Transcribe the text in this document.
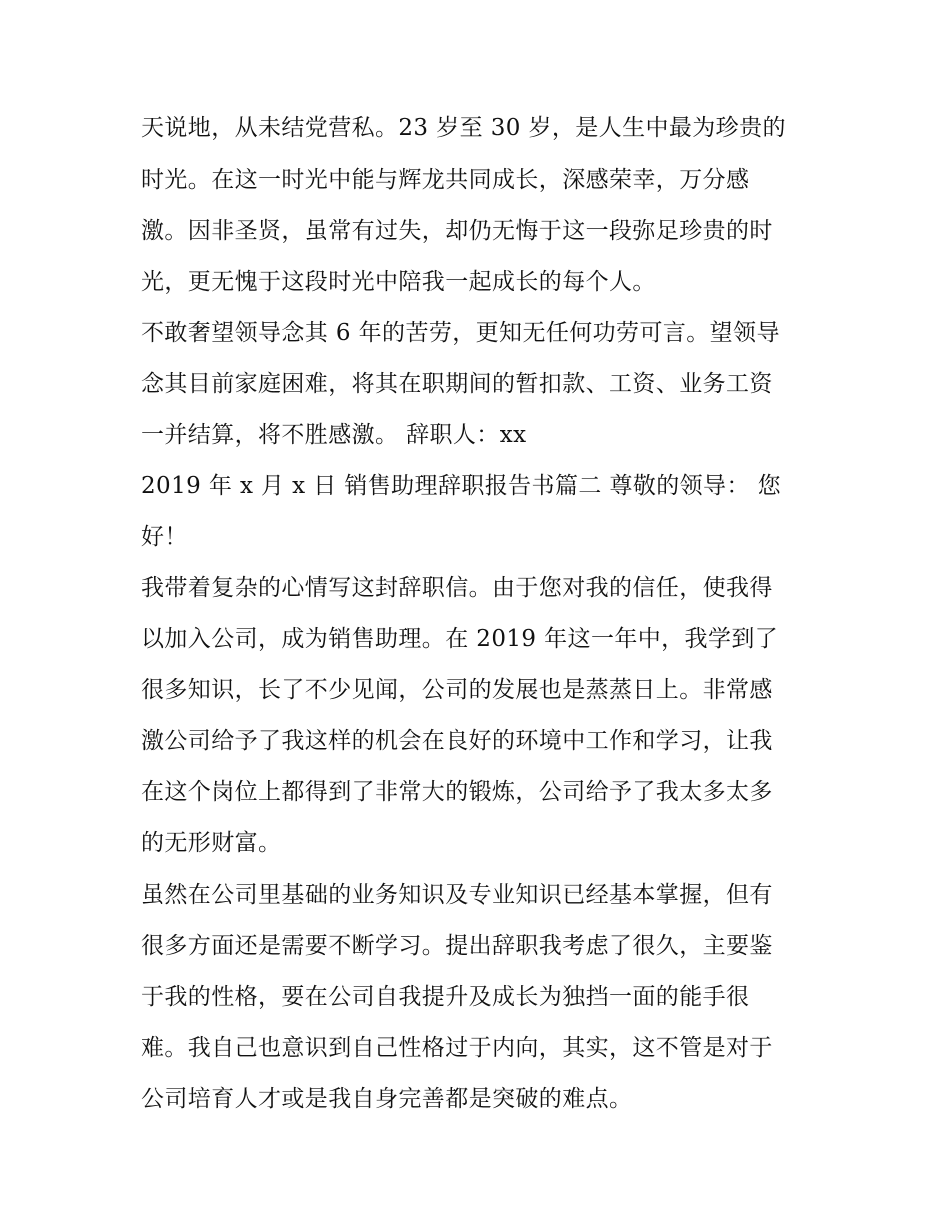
天说地，从未结党营私。23 岁至 30 岁，是人生中最为珍贵的
时光。在这一时光中能与辉龙共同成长，深感荣幸，万分感
激。因非圣贤，虽常有过失，却仍无悔于这一段弥足珍贵的时
光，更无愧于这段时光中陪我一起成长的每个人。
不敢奢望领导念其 6 年的苦劳，更知无任何功劳可言。望领导
念其目前家庭困难，将其在职期间的暂扣款、工资、业务工资
一并结算，将不胜感激。 辞职人：xx
2019 年 x 月 x 日 销售助理辞职报告书篇二 尊敬的领导： 您
好！
我带着复杂的心情写这封辞职信。由于您对我的信任，使我得
以加入公司，成为销售助理。在 2019 年这一年中，我学到了
很多知识，长了不少见闻，公司的发展也是蒸蒸日上。非常感
激公司给予了我这样的机会在良好的环境中工作和学习，让我
在这个岗位上都得到了非常大的锻炼，公司给予了我太多太多
的无形财富。
虽然在公司里基础的业务知识及专业知识已经基本掌握，但有
很多方面还是需要不断学习。提出辞职我考虑了很久，主要鉴
于我的性格，要在公司自我提升及成长为独挡一面的能手很
难。我自己也意识到自己性格过于内向，其实，这不管是对于
公司培育人才或是我自身完善都是突破的难点。
